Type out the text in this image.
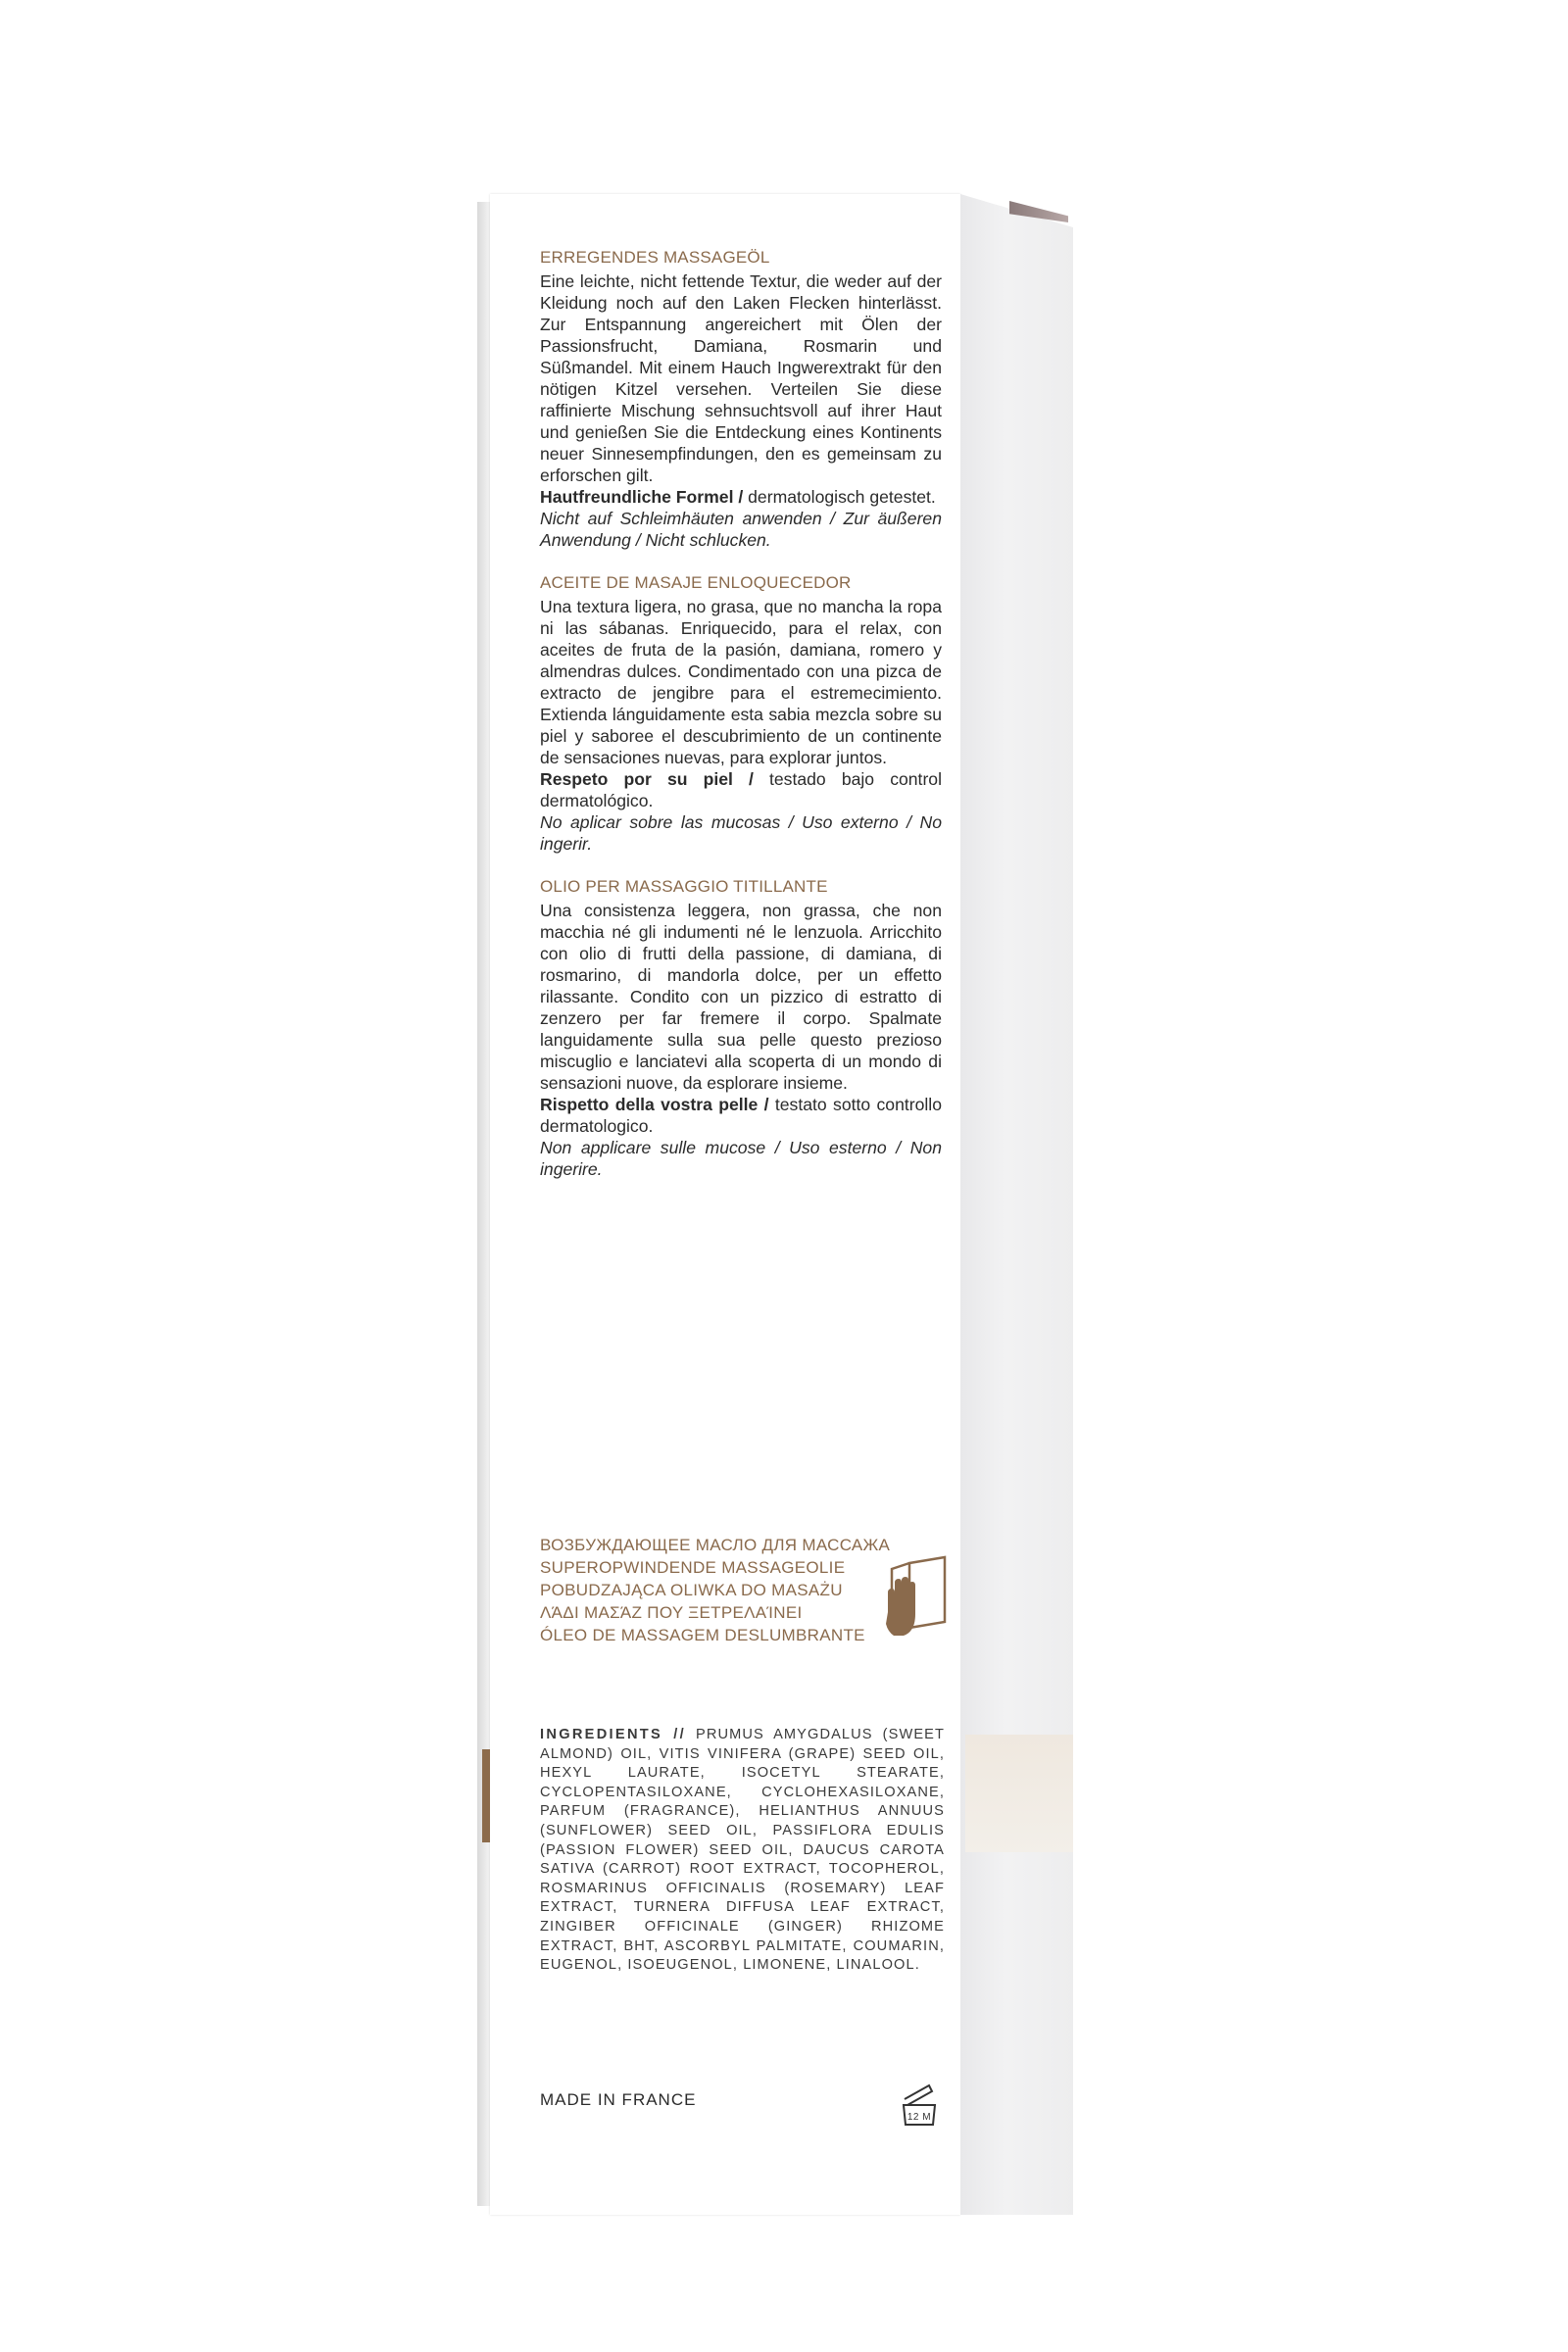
ERREGENDES MASSAGEÖL
Eine leichte, nicht fettende Textur, die weder auf der Kleidung noch auf den Laken Flecken hinterlässt. Zur Entspannung angereichert mit Ölen der Passionsfrucht, Damiana, Rosmarin und Süßmandel. Mit einem Hauch Ingwerextrakt für den nötigen Kitzel versehen. Verteilen Sie diese raffinierte Mischung sehnsuchtsvoll auf ihrer Haut und genießen Sie die Entdeckung eines Kontinents neuer Sinnesempfindungen, den es gemeinsam zu erforschen gilt.
Hautfreundliche Formel / dermatologisch getestet.
Nicht auf Schleimhäuten anwenden / Zur äußeren Anwendung / Nicht schlucken.
ACEITE DE MASAJE ENLOQUECEDOR
Una textura ligera, no grasa, que no mancha la ropa ni las sábanas. Enriquecido, para el relax, con aceites de fruta de la pasión, damiana, romero y almendras dulces. Condimentado con una pizca de extracto de jengibre para el estremecimiento. Extienda lánguidamente esta sabia mezcla sobre su piel y saboree el descubrimiento de un continente de sensaciones nuevas, para explorar juntos.
Respeto por su piel / testado bajo control dermatológico.
No aplicar sobre las mucosas / Uso externo / No ingerir.
OLIO PER MASSAGGIO TITILLANTE
Una consistenza leggera, non grassa, che non macchia né gli indumenti né le lenzuola. Arricchito con olio di frutti della passione, di damiana, di rosmarino, di mandorla dolce, per un effetto rilassante. Condito con un pizzico di estratto di zenzero per far fremere il corpo. Spalmate languidamente sulla sua pelle questo prezioso miscuglio e lanciatevi alla scoperta di un mondo di sensazioni nuove, da esplorare insieme.
Rispetto della vostra pelle / testato sotto controllo dermatologico.
Non applicare sulle mucose / Uso esterno / Non ingerire.
ВОЗБУЖДАЮЩЕЕ МАСЛО ДЛЯ МАССАЖА
SUPEROPWINDENDE MASSAGEOLIE
POBUDZAJĄCA OLIWKA DO MASAŻU
ΛΆΔΙ ΜΑΣΆΖ ΠΟΥ ΞΕΤΡΕΛΑΊΝΕΙ
ÓLEO DE MASSAGEM DESLUMBRANTE
INGREDIENTS // PRUMUS AMYGDALUS (SWEET ALMOND) OIL, VITIS VINIFERA (GRAPE) SEED OIL, HEXYL LAURATE, ISOCETYL STEARATE, CYCLOPENTASILOXANE, CYCLOHEXASILOXANE, PARFUM (FRAGRANCE), HELIANTHUS ANNUUS (SUNFLOWER) SEED OIL, PASSIFLORA EDULIS (PASSION FLOWER) SEED OIL, DAUCUS CAROTA SATIVA (CARROT) ROOT EXTRACT, TOCOPHEROL, ROSMARINUS OFFICINALIS (ROSEMARY) LEAF EXTRACT, TURNERA DIFFUSA LEAF EXTRACT, ZINGIBER OFFICINALE (GINGER) RHIZOME EXTRACT, BHT, ASCORBYL PALMITATE, COUMARIN, EUGENOL, ISOEUGENOL, LIMONENE, LINALOOL.
MADE IN FRANCE
12 M
